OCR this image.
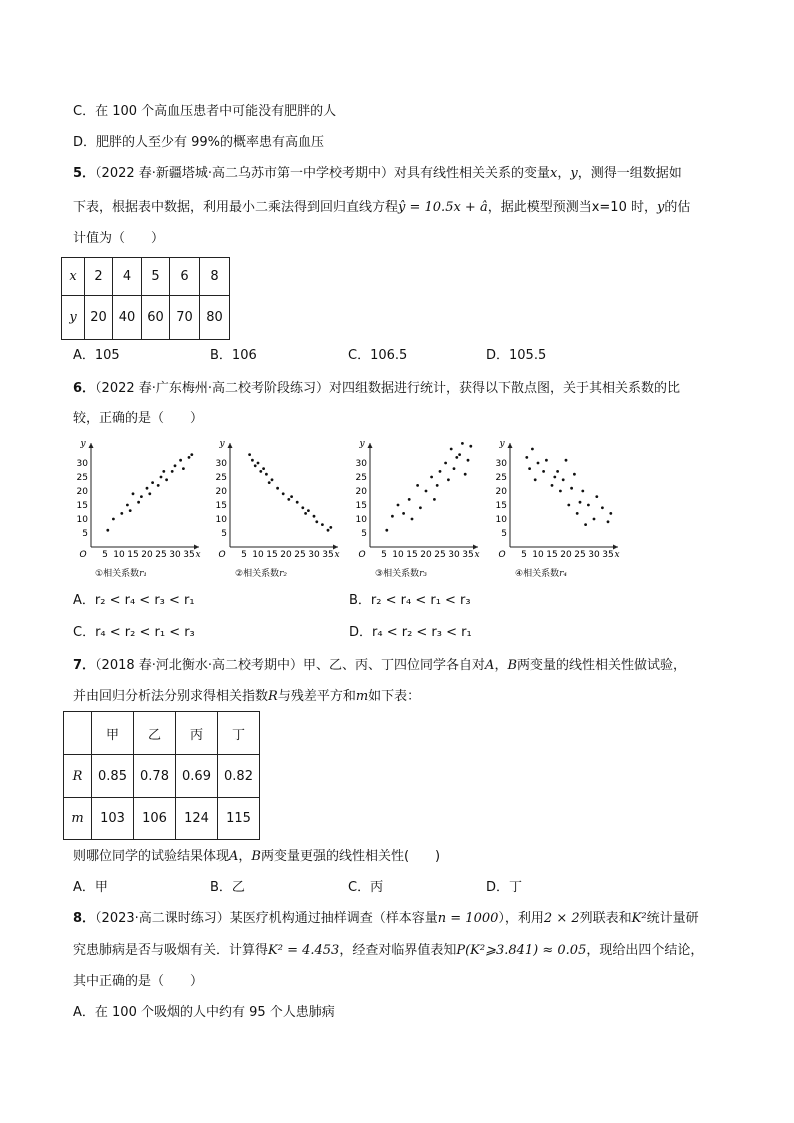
C．在 100 个高血压患者中可能没有肥胖的人
D．肥胖的人至少有 99%的概率患有高血压
5．（2022 春·新疆塔城·高二乌苏市第一中学校考期中）对具有线性相关关系的变量x，y，测得一组数据如
下表，根据表中数据，利用最小二乘法得到回归直线方程ŷ = 10.5x + â，据此模型预测当x=10 时，y的估
计值为（　　）
x	2	4	5	6	8
y	20	40	60	70	80
A．105	B．106	C．106.5	D．105.5
6．（2022 春·广东梅州·高二校考阶段练习）对四组数据进行统计，获得以下散点图，关于其相关系数的比
较，正确的是（　　）
O 5 10 15 20 25 30 35 x
5
10
15
20
25
30
y
O 5 10 15 20 25 30 35 x
5
10
15
20
25
30
y
O 5 10 15 20 25 30 35 x
5
10
15
20
25
30
y
O 5 10 15 20 25 30 35 x
5
10
15
20
25
30
y
①相关系数r₁	②相关系数r₂	③相关系数r₃	④相关系数r₄
A．r₂ < r₄ < r₃ < r₁	B．r₂ < r₄ < r₁ < r₃
C．r₄ < r₂ < r₁ < r₃	D．r₄ < r₂ < r₃ < r₁
7．（2018 春·河北衡水·高二校考期中）甲、乙、丙、丁四位同学各自对A，B两变量的线性相关性做试验，
并由回归分析法分别求得相关指数R与残差平方和m如下表：
	甲	乙	丙	丁
R	0.85	0.78	0.69	0.82
m	103	106	124	115
则哪位同学的试验结果体现A，B两变量更强的线性相关性(　　)
A．甲	B．乙	C．丙	D．丁
8．（2023·高二课时练习）某医疗机构通过抽样调查（样本容量n = 1000），利用2 × 2列联表和K²统计量研
究患肺病是否与吸烟有关．计算得K² = 4.453，经查对临界值表知P(K²⩾3.841) ≈ 0.05，现给出四个结论，
其中正确的是（　　）
A．在 100 个吸烟的人中约有 95 个人患肺病
